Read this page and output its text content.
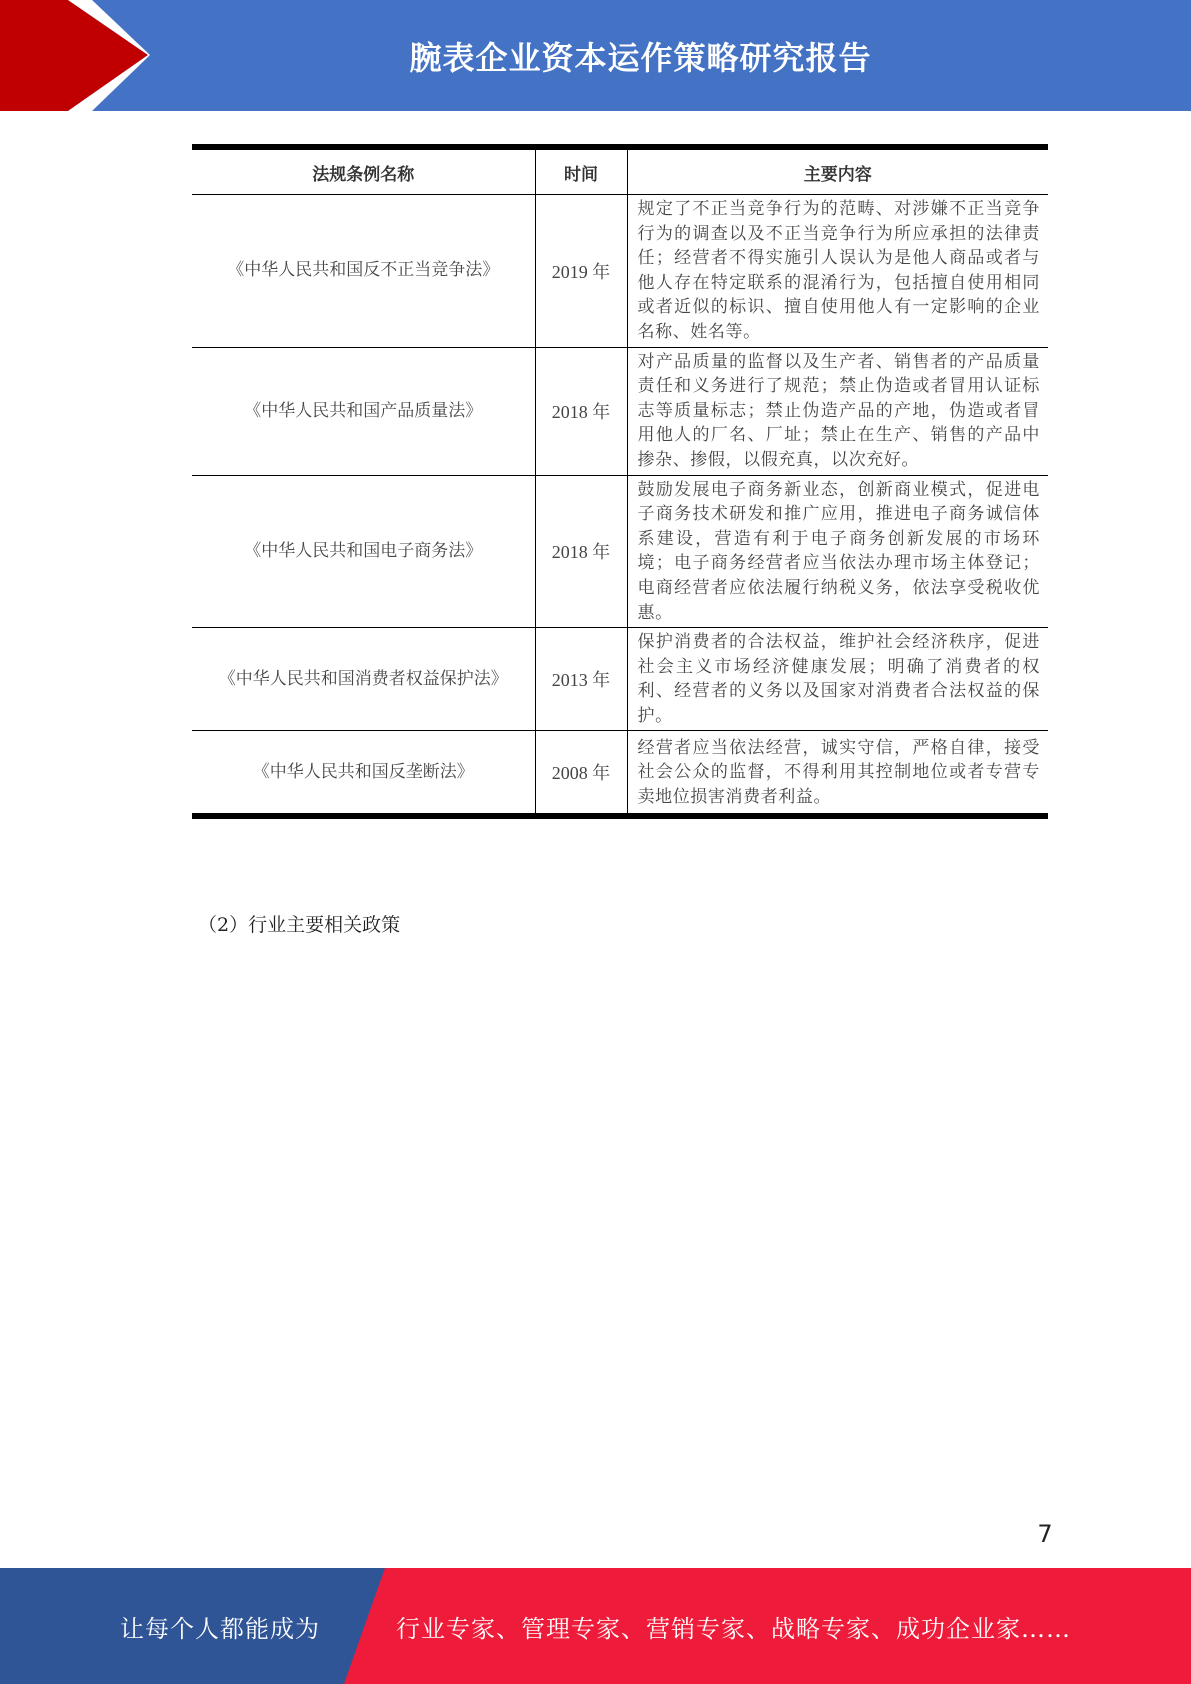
腕表企业资本运作策略研究报告
法规条例名称	时间	主要内容
《中华人民共和国反不正当竞争法》	2019 年	规定了不正当竞争行为的范畴、对涉嫌不正当竞争行为的调查以及不正当竞争行为所应承担的法律责任；经营者不得实施引人误认为是他人商品或者与他人存在特定联系的混淆行为，包括擅自使用相同或者近似的标识、擅自使用他人有一定影响的企业名称、姓名等。
《中华人民共和国产品质量法》	2018 年	对产品质量的监督以及生产者、销售者的产品质量责任和义务进行了规范；禁止伪造或者冒用认证标志等质量标志；禁止伪造产品的产地，伪造或者冒用他人的厂名、厂址；禁止在生产、销售的产品中掺杂、掺假，以假充真，以次充好。
《中华人民共和国电子商务法》	2018 年	鼓励发展电子商务新业态，创新商业模式，促进电子商务技术研发和推广应用，推进电子商务诚信体系建设，营造有利于电子商务创新发展的市场环境；电子商务经营者应当依法办理市场主体登记；电商经营者应依法履行纳税义务，依法享受税收优惠。
《中华人民共和国消费者权益保护法》	2013 年	保护消费者的合法权益，维护社会经济秩序，促进社会主义市场经济健康发展；明确了消费者的权利、经营者的义务以及国家对消费者合法权益的保护。
《中华人民共和国反垄断法》	2008 年	经营者应当依法经营，诚实守信，严格自律，接受社会公众的监督，不得利用其控制地位或者专营专卖地位损害消费者利益。
（2）行业主要相关政策
7
让每个人都能成为	行业专家、管理专家、营销专家、战略专家、成功企业家……
